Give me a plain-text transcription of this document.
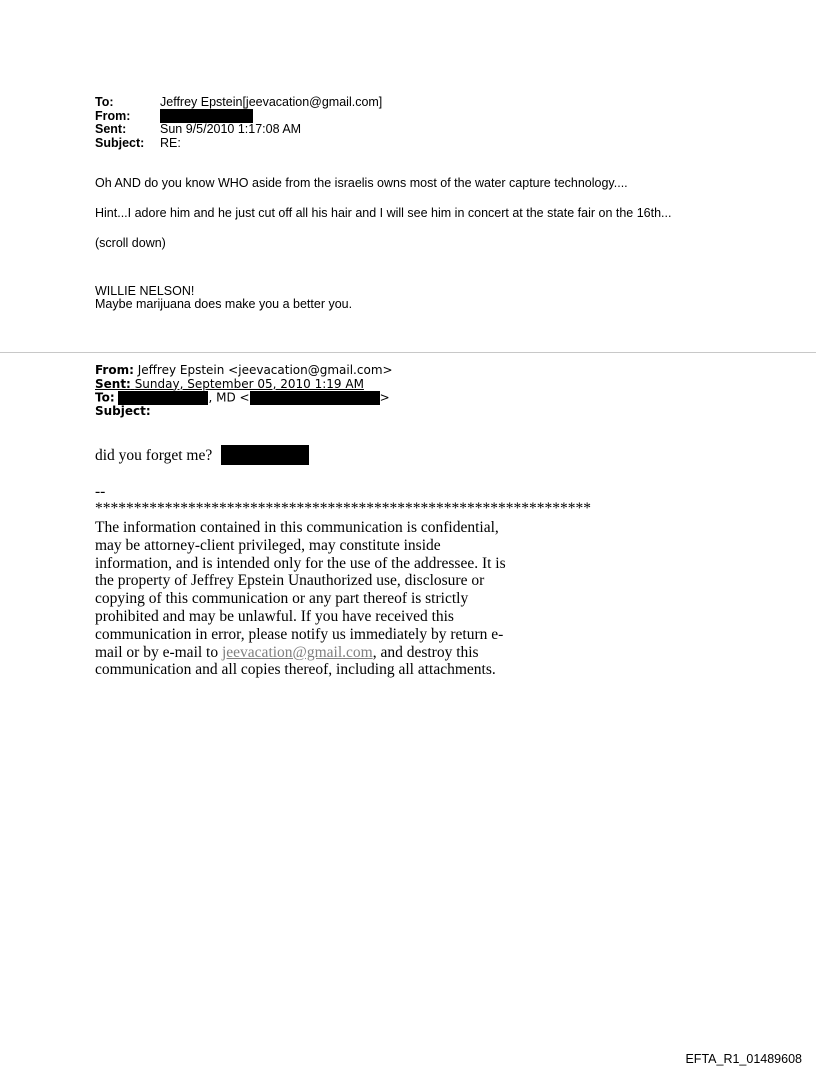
To:	Jeffrey Epstein[jeevacation@gmail.com]
From:
Sent:	Sun 9/5/2010 1:17:08 AM
Subject:	RE:
Oh AND do you know WHO aside from the israelis owns most of the water capture technology....
Hint...I adore him and he just cut off all his hair and I will see him in concert at the state fair on the 16th...
(scroll down)
WILLIE NELSON!
Maybe marijuana does make you a better you.
From: Jeffrey Epstein <jeevacation@gmail.com>
Sent: Sunday, September 05, 2010 1:19 AM
To:	, MD <	>
Subject:
did you forget me?
--
****************************************************************
The information contained in this communication is confidential, may be attorney-client privileged, may constitute inside information, and is intended only for the use of the addressee. It is the property of Jeffrey Epstein Unauthorized use, disclosure or copying of this communication or any part thereof is strictly prohibited and may be unlawful. If you have received this communication in error, please notify us immediately by return e-mail or by e-mail to jeevacation@gmail.com, and destroy this communication and all copies thereof, including all attachments.
EFTA_R1_01489608
